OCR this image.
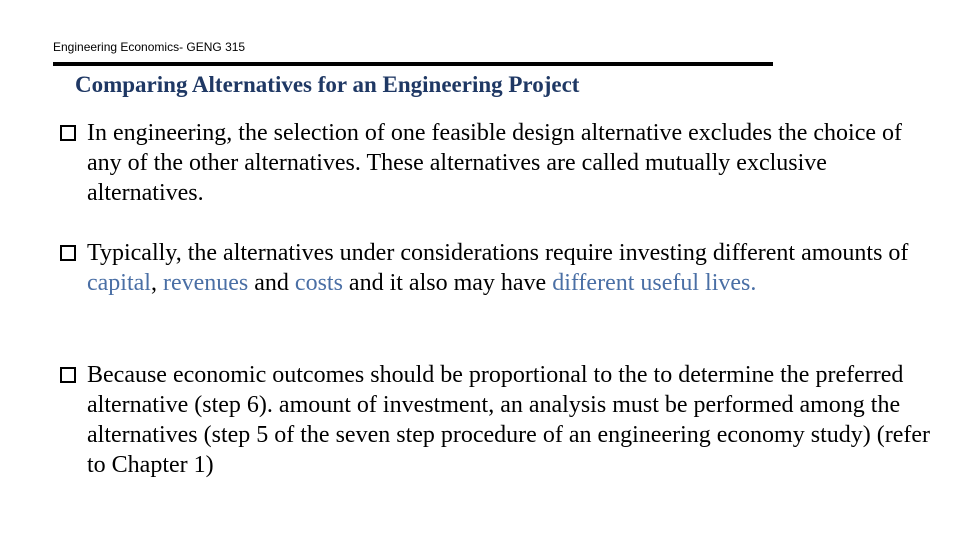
Engineering Economics- GENG 315
Comparing Alternatives for an Engineering Project
In engineering, the selection of one feasible design alternative excludes the choice of any of the other alternatives. These alternatives are called mutually exclusive alternatives.
Typically, the alternatives under considerations require investing different amounts of capital, revenues and costs and it also may have different useful lives.
Because economic outcomes should be proportional to the to determine the preferred alternative (step 6). amount of investment, an analysis must be performed among the alternatives (step 5 of the seven step procedure of an engineering economy study) (refer to Chapter 1)
